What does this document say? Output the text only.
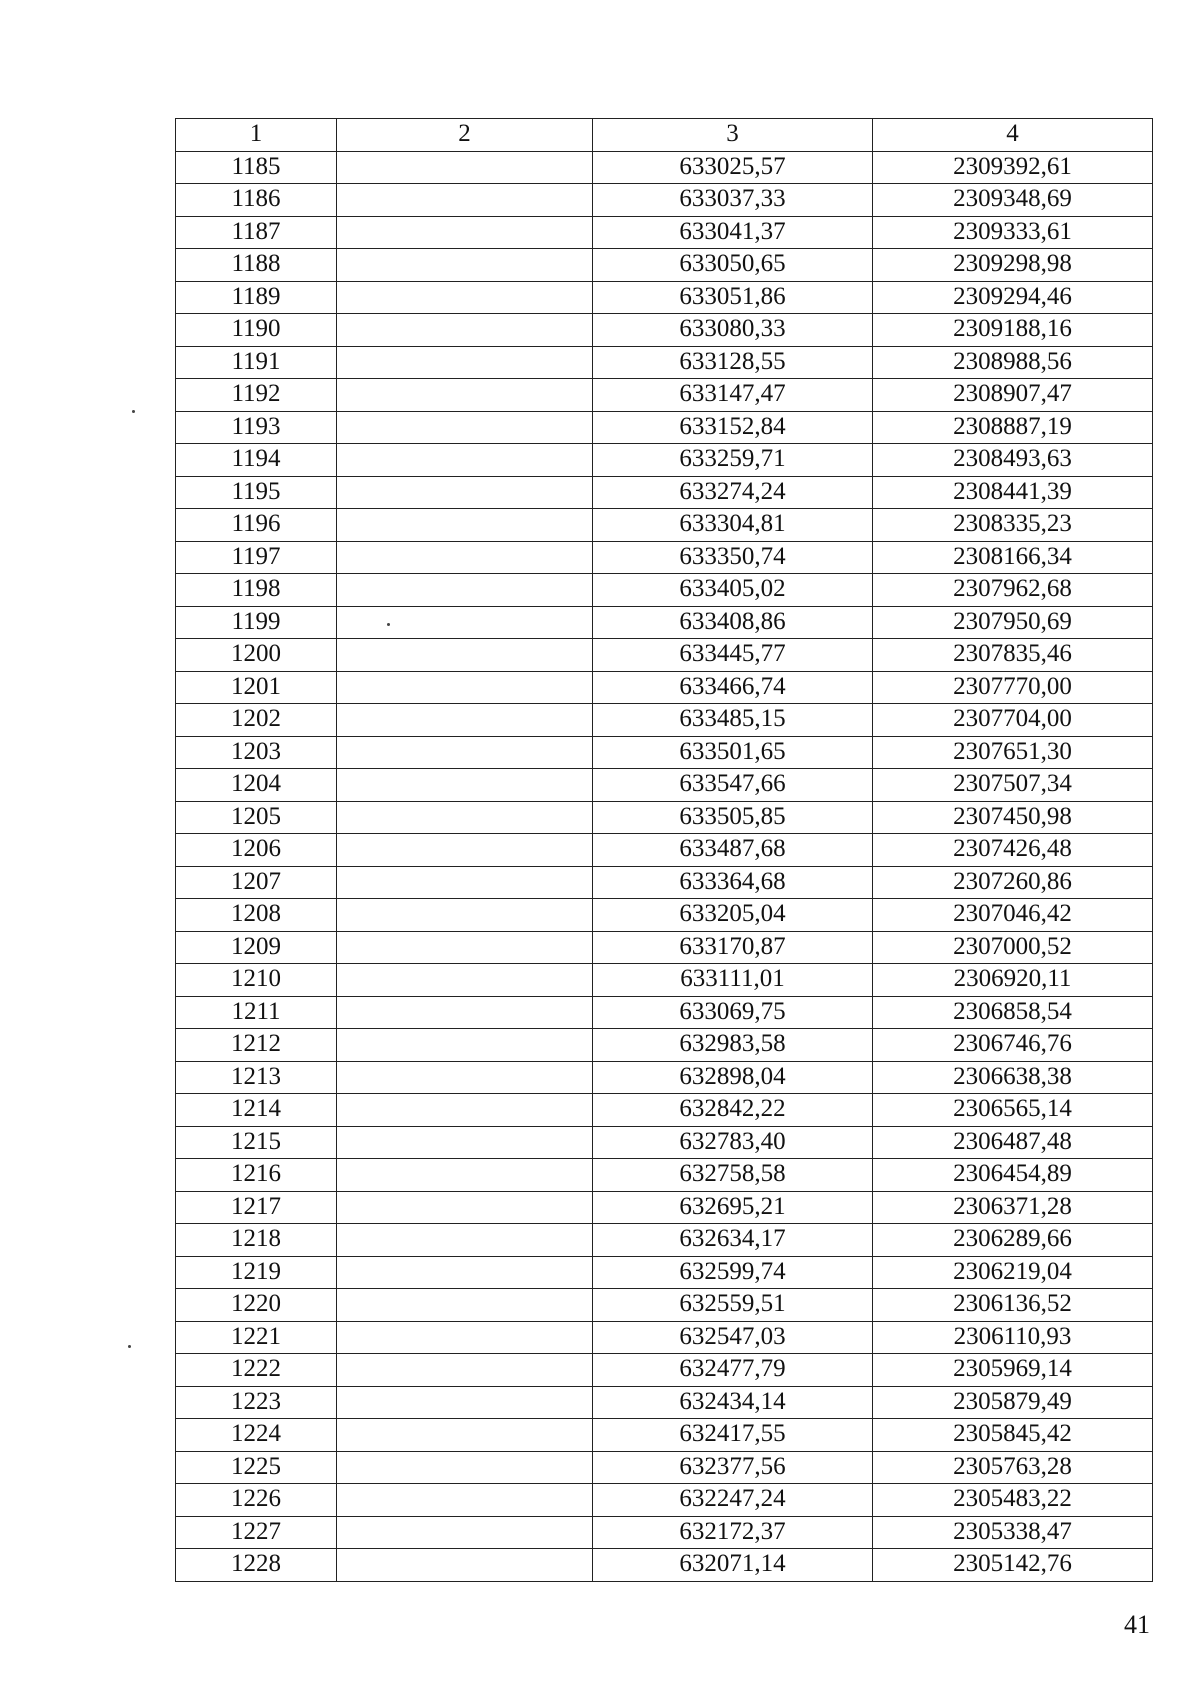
1	2	3	4
1185		633025,57	2309392,61
1186		633037,33	2309348,69
1187		633041,37	2309333,61
1188		633050,65	2309298,98
1189		633051,86	2309294,46
1190		633080,33	2309188,16
1191		633128,55	2308988,56
1192		633147,47	2308907,47
1193		633152,84	2308887,19
1194		633259,71	2308493,63
1195		633274,24	2308441,39
1196		633304,81	2308335,23
1197		633350,74	2308166,34
1198		633405,02	2307962,68
1199		633408,86	2307950,69
1200		633445,77	2307835,46
1201		633466,74	2307770,00
1202		633485,15	2307704,00
1203		633501,65	2307651,30
1204		633547,66	2307507,34
1205		633505,85	2307450,98
1206		633487,68	2307426,48
1207		633364,68	2307260,86
1208		633205,04	2307046,42
1209		633170,87	2307000,52
1210		633111,01	2306920,11
1211		633069,75	2306858,54
1212		632983,58	2306746,76
1213		632898,04	2306638,38
1214		632842,22	2306565,14
1215		632783,40	2306487,48
1216		632758,58	2306454,89
1217		632695,21	2306371,28
1218		632634,17	2306289,66
1219		632599,74	2306219,04
1220		632559,51	2306136,52
1221		632547,03	2306110,93
1222		632477,79	2305969,14
1223		632434,14	2305879,49
1224		632417,55	2305845,42
1225		632377,56	2305763,28
1226		632247,24	2305483,22
1227		632172,37	2305338,47
1228		632071,14	2305142,76
41
